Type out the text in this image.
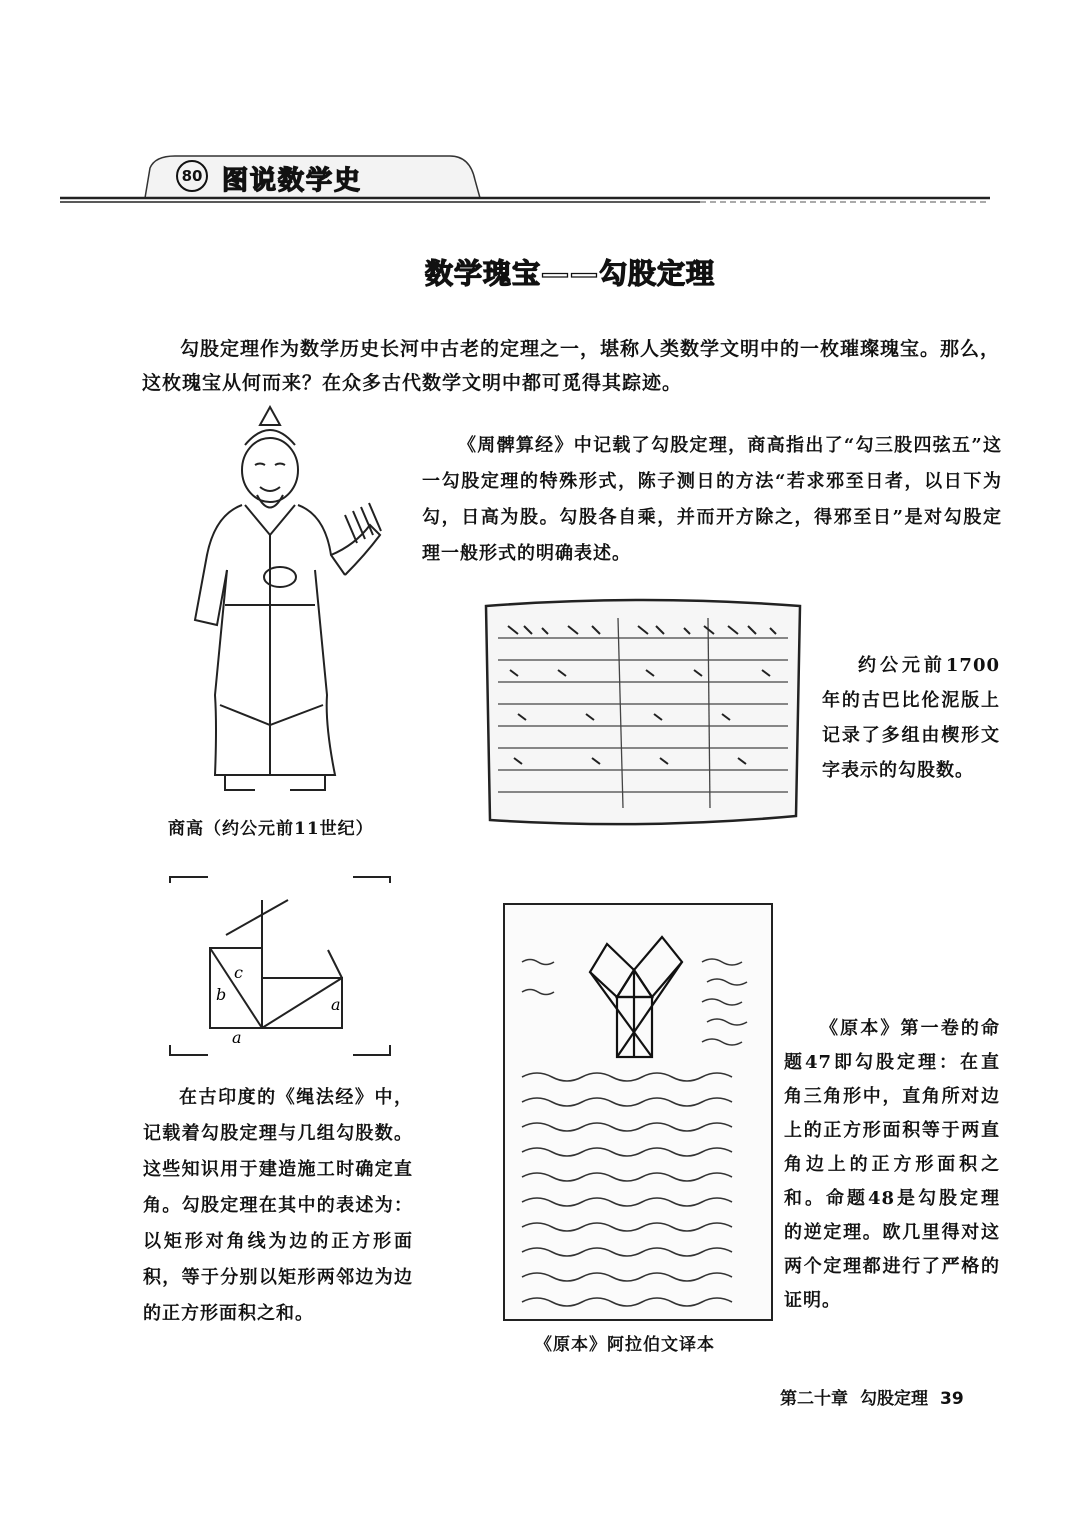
80 图说数学史
数学瑰宝——勾股定理
勾股定理作为数学历史长河中古老的定理之一，堪称人类数学文明中的一枚璀璨瑰宝。那么，这枚瑰宝从何而来？在众多古代数学文明中都可觅得其踪迹。
商高（约公元前11世纪）
《周髀算经》中记载了勾股定理，商高指出了“勾三股四弦五”这一勾股定理的特殊形式，陈子测日的方法“若求邪至日者，以日下为勾，日高为股。勾股各自乘，并而开方除之，得邪至日”是对勾股定理一般形式的明确表述。
约公元前1700年的古巴比伦泥版上记录了多组由楔形文字表示的勾股数。
c
b
a
a
在古印度的《绳法经》中，记载着勾股定理与几组勾股数。这些知识用于建造施工时确定直角。勾股定理在其中的表述为：以矩形对角线为边的正方形面积，等于分别以矩形两邻边为边的正方形面积之和。
《原本》阿拉伯文译本
《原本》第一卷的命题47即勾股定理：在直角三角形中，直角所对边上的正方形面积等于两直角边上的正方形面积之和。命题48是勾股定理的逆定理。欧几里得对这两个定理都进行了严格的证明。
第二十章 勾股定理 39
